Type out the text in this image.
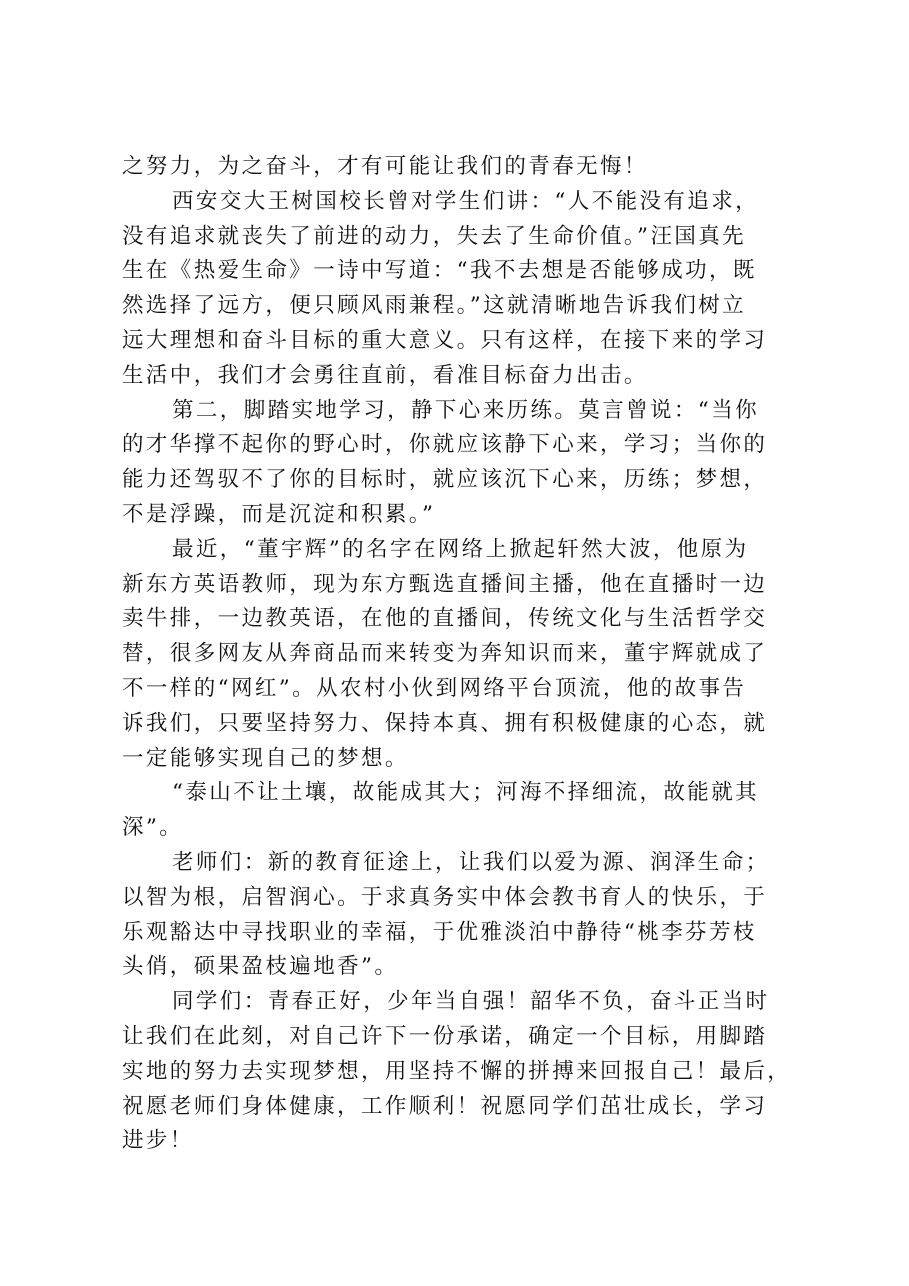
之努力，为之奋斗，才有可能让我们的青春无悔！
西安交大王树国校长曾对学生们讲：“人不能没有追求，
没有追求就丧失了前进的动力，失去了生命价值。”汪国真先
生在《热爱生命》一诗中写道：“我不去想是否能够成功，既
然选择了远方，便只顾风雨兼程。”这就清晰地告诉我们树立
远大理想和奋斗目标的重大意义。只有这样，在接下来的学习
生活中，我们才会勇往直前，看准目标奋力出击。
第二，脚踏实地学习，静下心来历练。莫言曾说：“当你
的才华撑不起你的野心时，你就应该静下心来，学习；当你的
能力还驾驭不了你的目标时，就应该沉下心来，历练；梦想，
不是浮躁，而是沉淀和积累。”
最近，“董宇辉”的名字在网络上掀起轩然大波，他原为
新东方英语教师，现为东方甄选直播间主播，他在直播时一边
卖牛排，一边教英语，在他的直播间，传统文化与生活哲学交
替，很多网友从奔商品而来转变为奔知识而来，董宇辉就成了
不一样的“网红”。从农村小伙到网络平台顶流，他的故事告
诉我们，只要坚持努力、保持本真、拥有积极健康的心态，就
一定能够实现自己的梦想。
“泰山不让土壤，故能成其大；河海不择细流，故能就其
深”。
老师们：新的教育征途上，让我们以爱为源、润泽生命；
以智为根，启智润心。于求真务实中体会教书育人的快乐，于
乐观豁达中寻找职业的幸福，于优雅淡泊中静待“桃李芬芳枝
头俏，硕果盈枝遍地香”。
同学们：青春正好，少年当自强！韶华不负，奋斗正当时
让我们在此刻，对自己许下一份承诺，确定一个目标，用脚踏
实地的努力去实现梦想，用坚持不懈的拼搏来回报自己！最后，
祝愿老师们身体健康，工作顺利！祝愿同学们茁壮成长，学习
进步！
